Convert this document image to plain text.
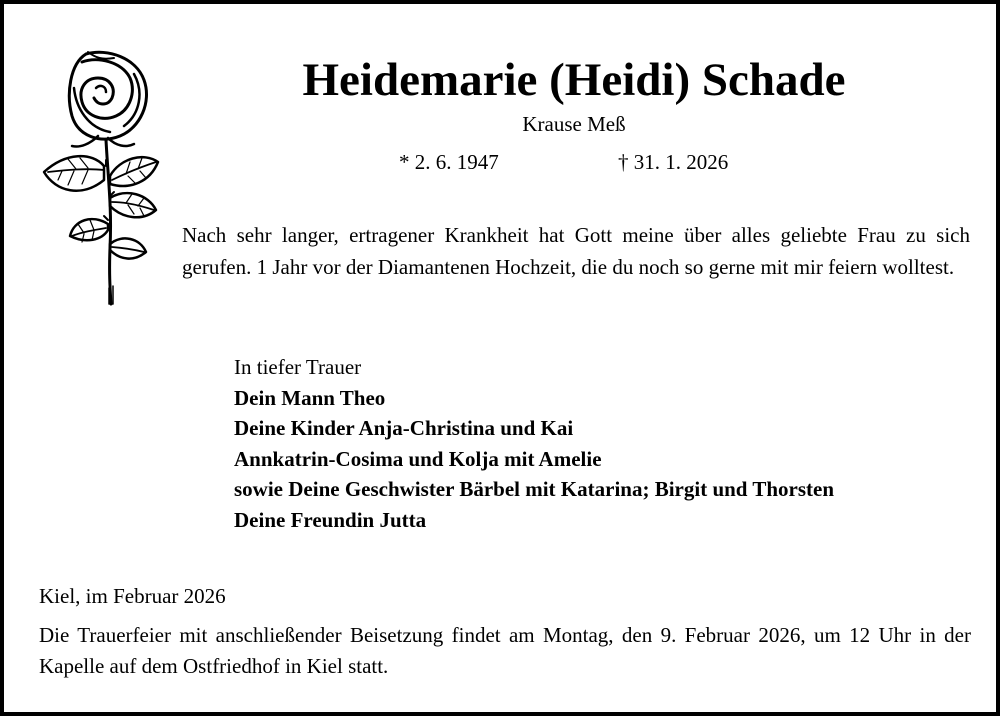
Heidemarie (Heidi) Schade
Krause Meß
* 2. 6. 1947	† 31. 1. 2026
Nach sehr langer, ertragener Krankheit hat Gott meine über alles geliebte Frau zu sich gerufen. 1 Jahr vor der Diamantenen Hochzeit, die du noch so gerne mit mir feiern wolltest.
In tiefer Trauer
Dein Mann Theo
Deine Kinder Anja-Christina und Kai
Annkatrin-Cosima und Kolja mit Amelie
sowie Deine Geschwister Bärbel mit Katarina; Birgit und Thorsten
Deine Freundin Jutta
Kiel, im Februar 2026
Die Trauerfeier mit anschließender Beisetzung findet am Montag, den 9. Februar 2026, um 12 Uhr in der Kapelle auf dem Ostfriedhof in Kiel statt.
